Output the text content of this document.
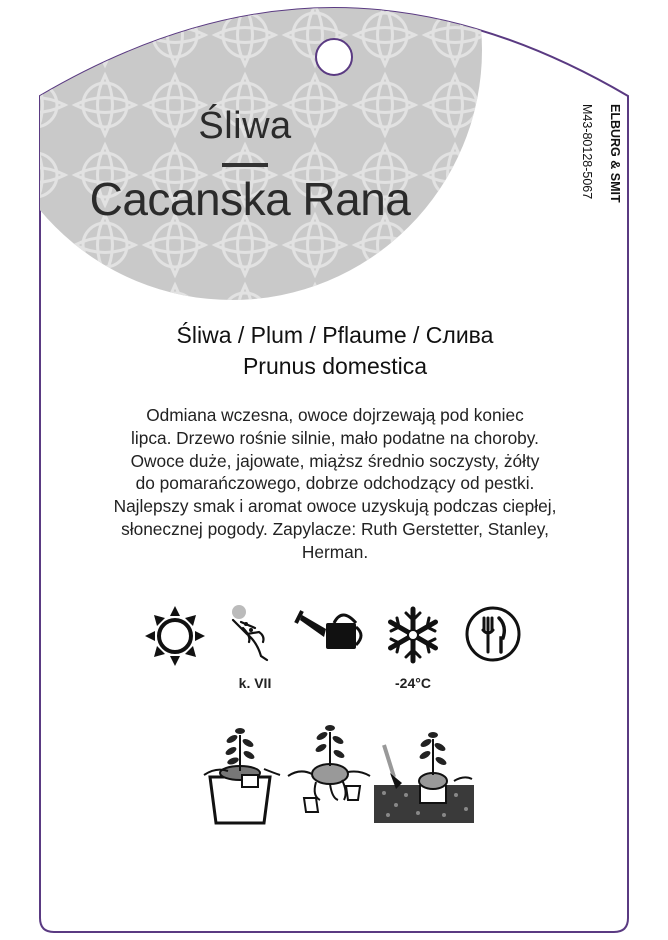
ELBURG & SMIT
M43-80128-5067
Śliwa
Cacanska Rana
Śliwa / Plum / Pflaume / Слива
Prunus domestica
Odmiana wczesna, owoce dojrzewają pod koniec
lipca. Drzewo rośnie silnie, mało podatne na choroby.
Owoce duże, jajowate, miąższ średnio soczysty, żółty
do pomarańczowego, dobrze odchodzący od pestki.
Najlepszy smak i aromat owoce uzyskują podczas ciepłej,
słonecznej pogody. Zapylacze: Ruth Gerstetter, Stanley,
Herman.
k. VII	-24°C
